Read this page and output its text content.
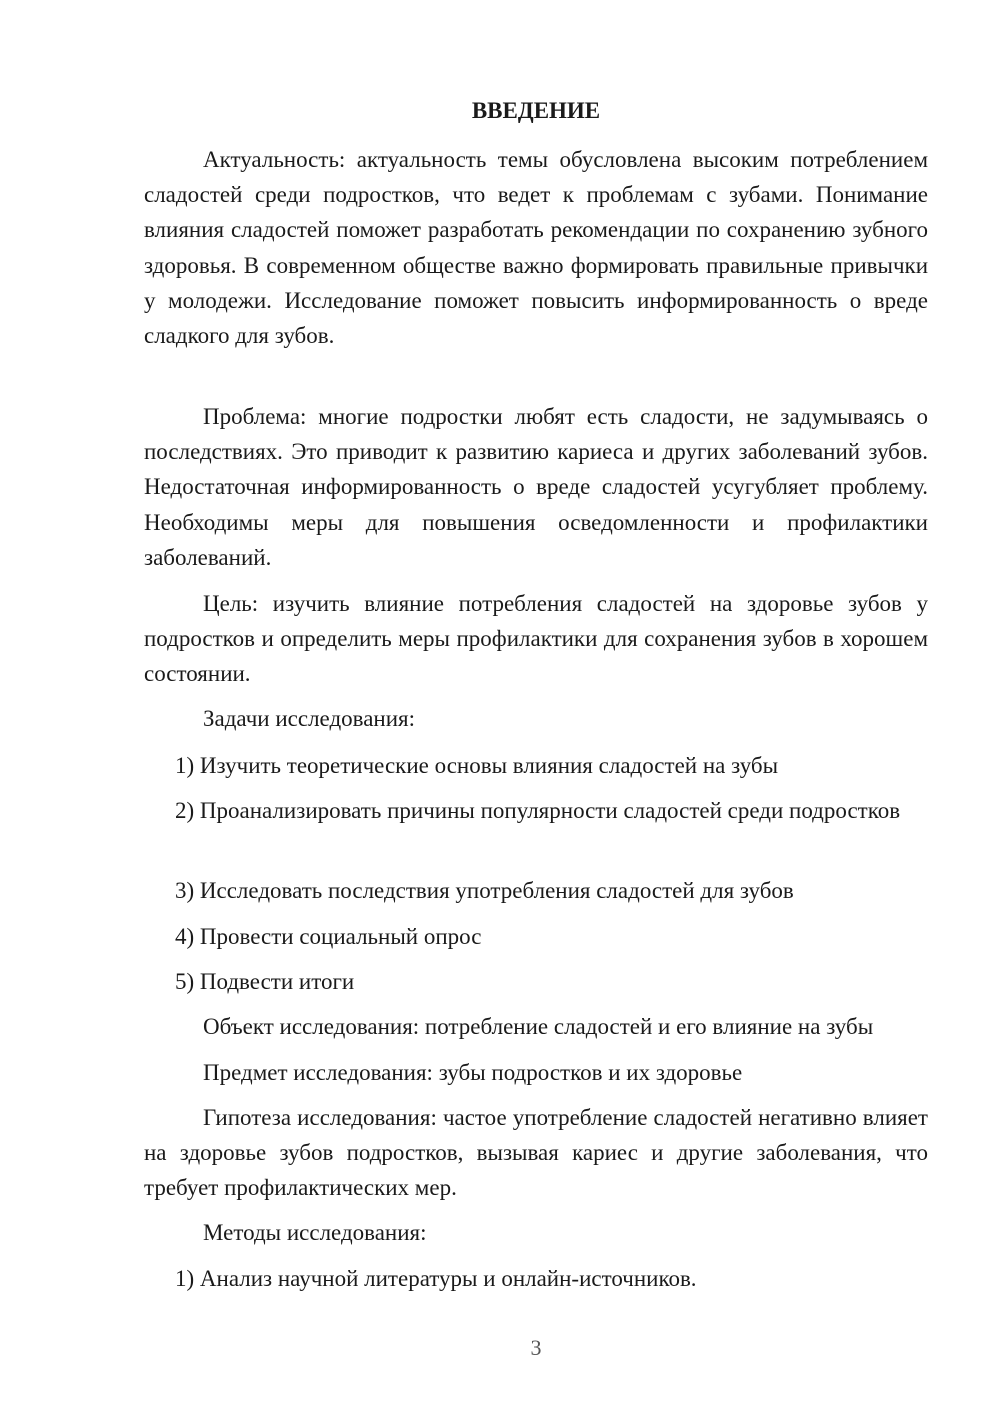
ВВЕДЕНИЕ

Актуальность: актуальность темы обусловлена высоким потреблением сладостей среди подростков, что ведет к проблемам с зубами. Понимание влияния сладостей поможет разработать рекомендации по сохранению зубного здоровья. В современном обществе важно формировать правильные привычки у молодежи. Исследование поможет повысить информированность о вреде сладкого для зубов.

Проблема: многие подростки любят есть сладости, не задумываясь о последствиях. Это приводит к развитию кариеса и других заболеваний зубов. Недостаточная информированность о вреде сладостей усугубляет проблему. Необходимы меры для повышения осведомленности и профилактики заболеваний.

Цель: изучить влияние потребления сладостей на здоровье зубов у подростков и определить меры профилактики для сохранения зубов в хорошем состоянии.

Задачи исследования:

1) Изучить теоретические основы влияния сладостей на зубы

2) Проанализировать причины популярности сладостей среди подростков

3) Исследовать последствия употребления сладостей для зубов

4) Провести социальный опрос

5) Подвести итоги

Объект исследования: потребление сладостей и его влияние на зубы

Предмет исследования: зубы подростков и их здоровье

Гипотеза исследования: частое употребление сладостей негативно влияет на здоровье зубов подростков, вызывая кариес и другие заболевания, что требует профилактических мер.

Методы исследования:

1) Анализ научной литературы и онлайн-источников.

3
